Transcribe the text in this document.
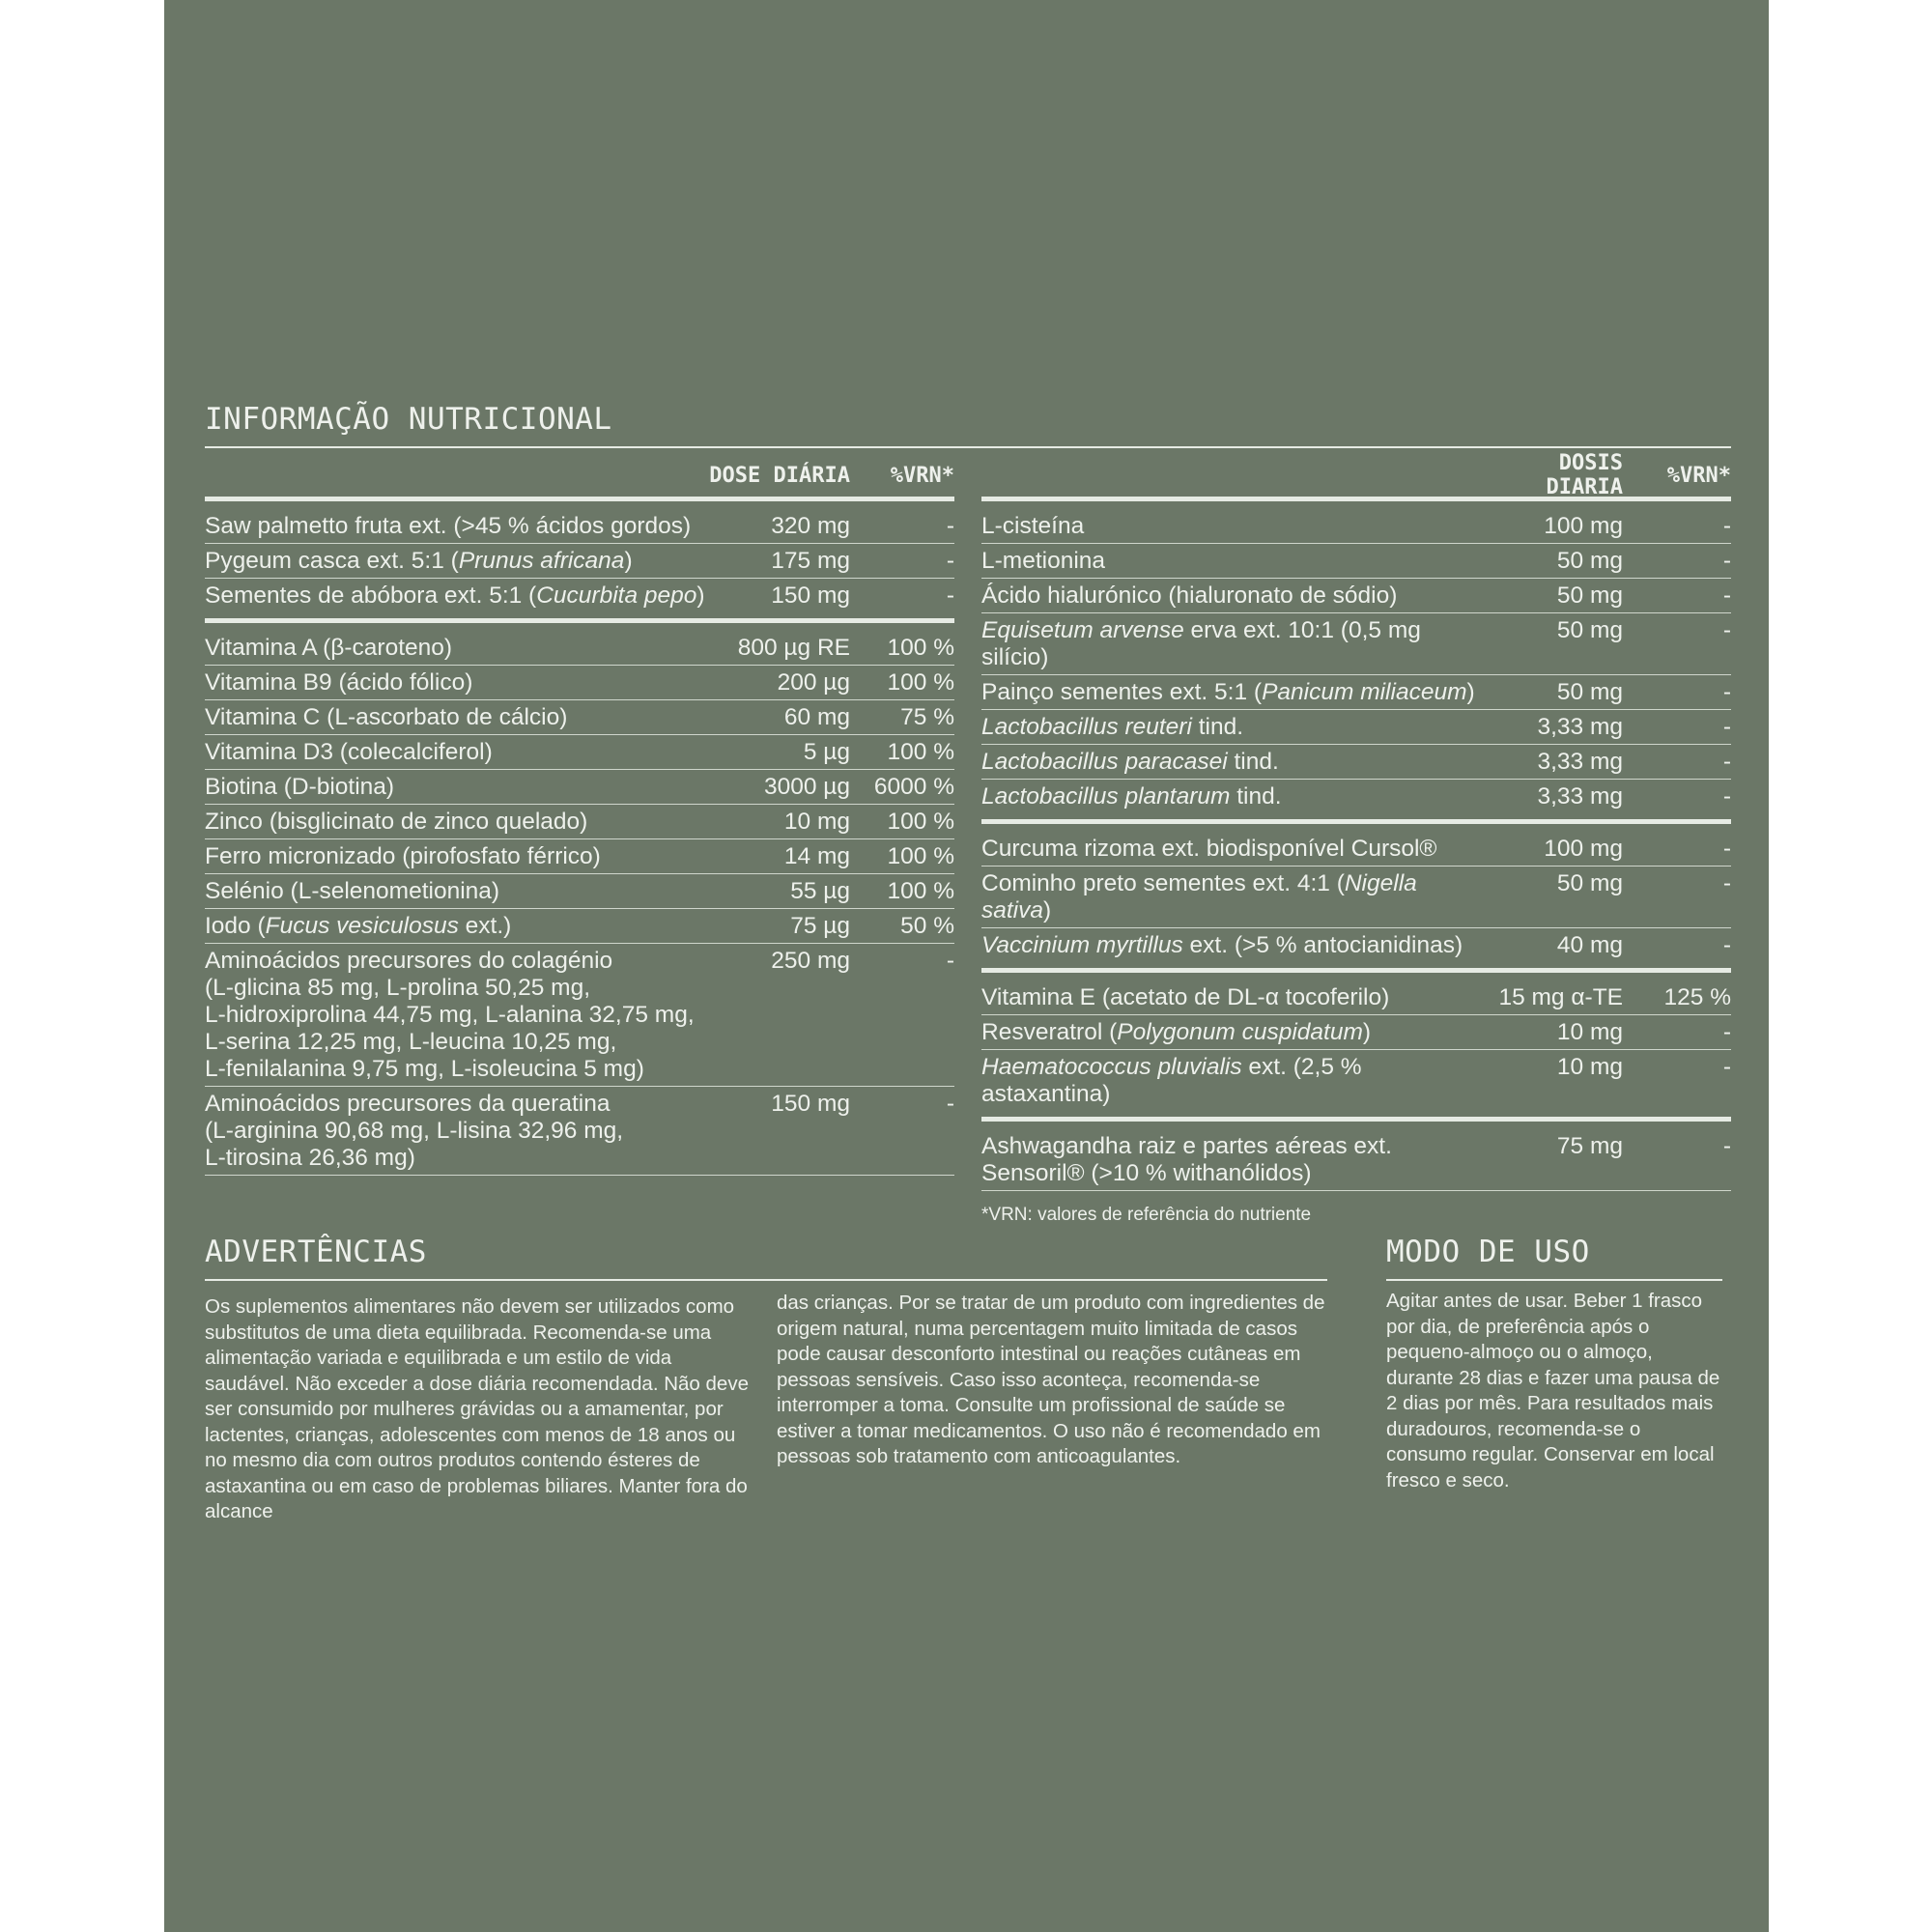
INFORMAÇÃO NUTRICIONAL
DOSE DIÁRIA	%VRN*
Saw palmetto fruta ext. (>45 % ácidos gordos)	320 mg	-
Pygeum casca ext. 5:1 (Prunus africana)	175 mg	-
Sementes de abóbora ext. 5:1 (Cucurbita pepo)	150 mg	-
Vitamina A (β-caroteno)	800 µg RE	100 %
Vitamina B9 (ácido fólico)	200 µg	100 %
Vitamina C (L-ascorbato de cálcio)	60 mg	75 %
Vitamina D3 (colecalciferol)	5 µg	100 %
Biotina (D-biotina)	3000 µg	6000 %
Zinco (bisglicinato de zinco quelado)	10 mg	100 %
Ferro micronizado (pirofosfato férrico)	14 mg	100 %
Selénio (L-selenometionina)	55 µg	100 %
Iodo (Fucus vesiculosus ext.)	75 µg	50 %
Aminoácidos precursores do colagénio
(L-glicina 85 mg, L-prolina 50,25 mg,
L-hidroxiprolina 44,75 mg, L-alanina 32,75 mg,
L-serina 12,25 mg, L-leucina 10,25 mg,
L-fenilalanina 9,75 mg, L-isoleucina 5 mg)
250 mg	-
Aminoácidos precursores da queratina
(L-arginina 90,68 mg, L-lisina 32,96 mg,
L-tirosina 26,36 mg)
150 mg	-
DOSIS DIARIA	%VRN*
L-cisteína	100 mg	-
L-metionina	50 mg	-
Ácido hialurónico (hialuronato de sódio)	50 mg	-
Equisetum arvense erva ext. 10:1 (0,5 mg silício)
50 mg	-
Painço sementes ext. 5:1 (Panicum miliaceum)	50 mg	-
Lactobacillus reuteri tind.	3,33 mg	-
Lactobacillus paracasei tind.	3,33 mg	-
Lactobacillus plantarum tind.	3,33 mg	-
Curcuma rizoma ext. biodisponível Cursol®	100 mg	-
Cominho preto sementes ext. 4:1 (Nigella sativa)
50 mg	-
Vaccinium myrtillus ext. (>5 % antocianidinas)	40 mg	-
Vitamina E (acetato de DL-α tocoferilo)	15 mg α-TE	125 %
Resveratrol (Polygonum cuspidatum)	10 mg	-
Haematococcus pluvialis ext. (2,5 % astaxantina)
10 mg	-
Ashwagandha raiz e partes aéreas ext.
Sensoril® (>10 % withanólidos)
75 mg	-
*VRN: valores de referência do nutriente
ADVERTÊNCIAS
Os suplementos alimentares não devem ser utilizados como substitutos de uma dieta equilibrada. Recomenda-se uma alimentação variada e equilibrada e um estilo de vida saudável. Não exceder a dose diária recomendada. Não deve ser consumido por mulheres grávidas ou a amamentar, por lactentes, crianças, adolescentes com menos de 18 anos ou no mesmo dia com outros produtos contendo ésteres de astaxantina ou em caso de problemas biliares. Manter fora do alcance
das crianças. Por se tratar de um produto com ingredientes de origem natural, numa percentagem muito limitada de casos pode causar desconforto intestinal ou reações cutâneas em pessoas sensíveis. Caso isso aconteça, recomenda-se interromper a toma. Consulte um profissional de saúde se estiver a tomar medicamentos. O uso não é recomendado em pessoas sob tratamento com anticoagulantes.
MODO DE USO
Agitar antes de usar. Beber 1 frasco por dia, de preferência após o pequeno-almoço ou o almoço, durante 28 dias e fazer uma pausa de 2 dias por mês. Para resultados mais duradouros, recomenda-se o consumo regular. Conservar em local fresco e seco.
